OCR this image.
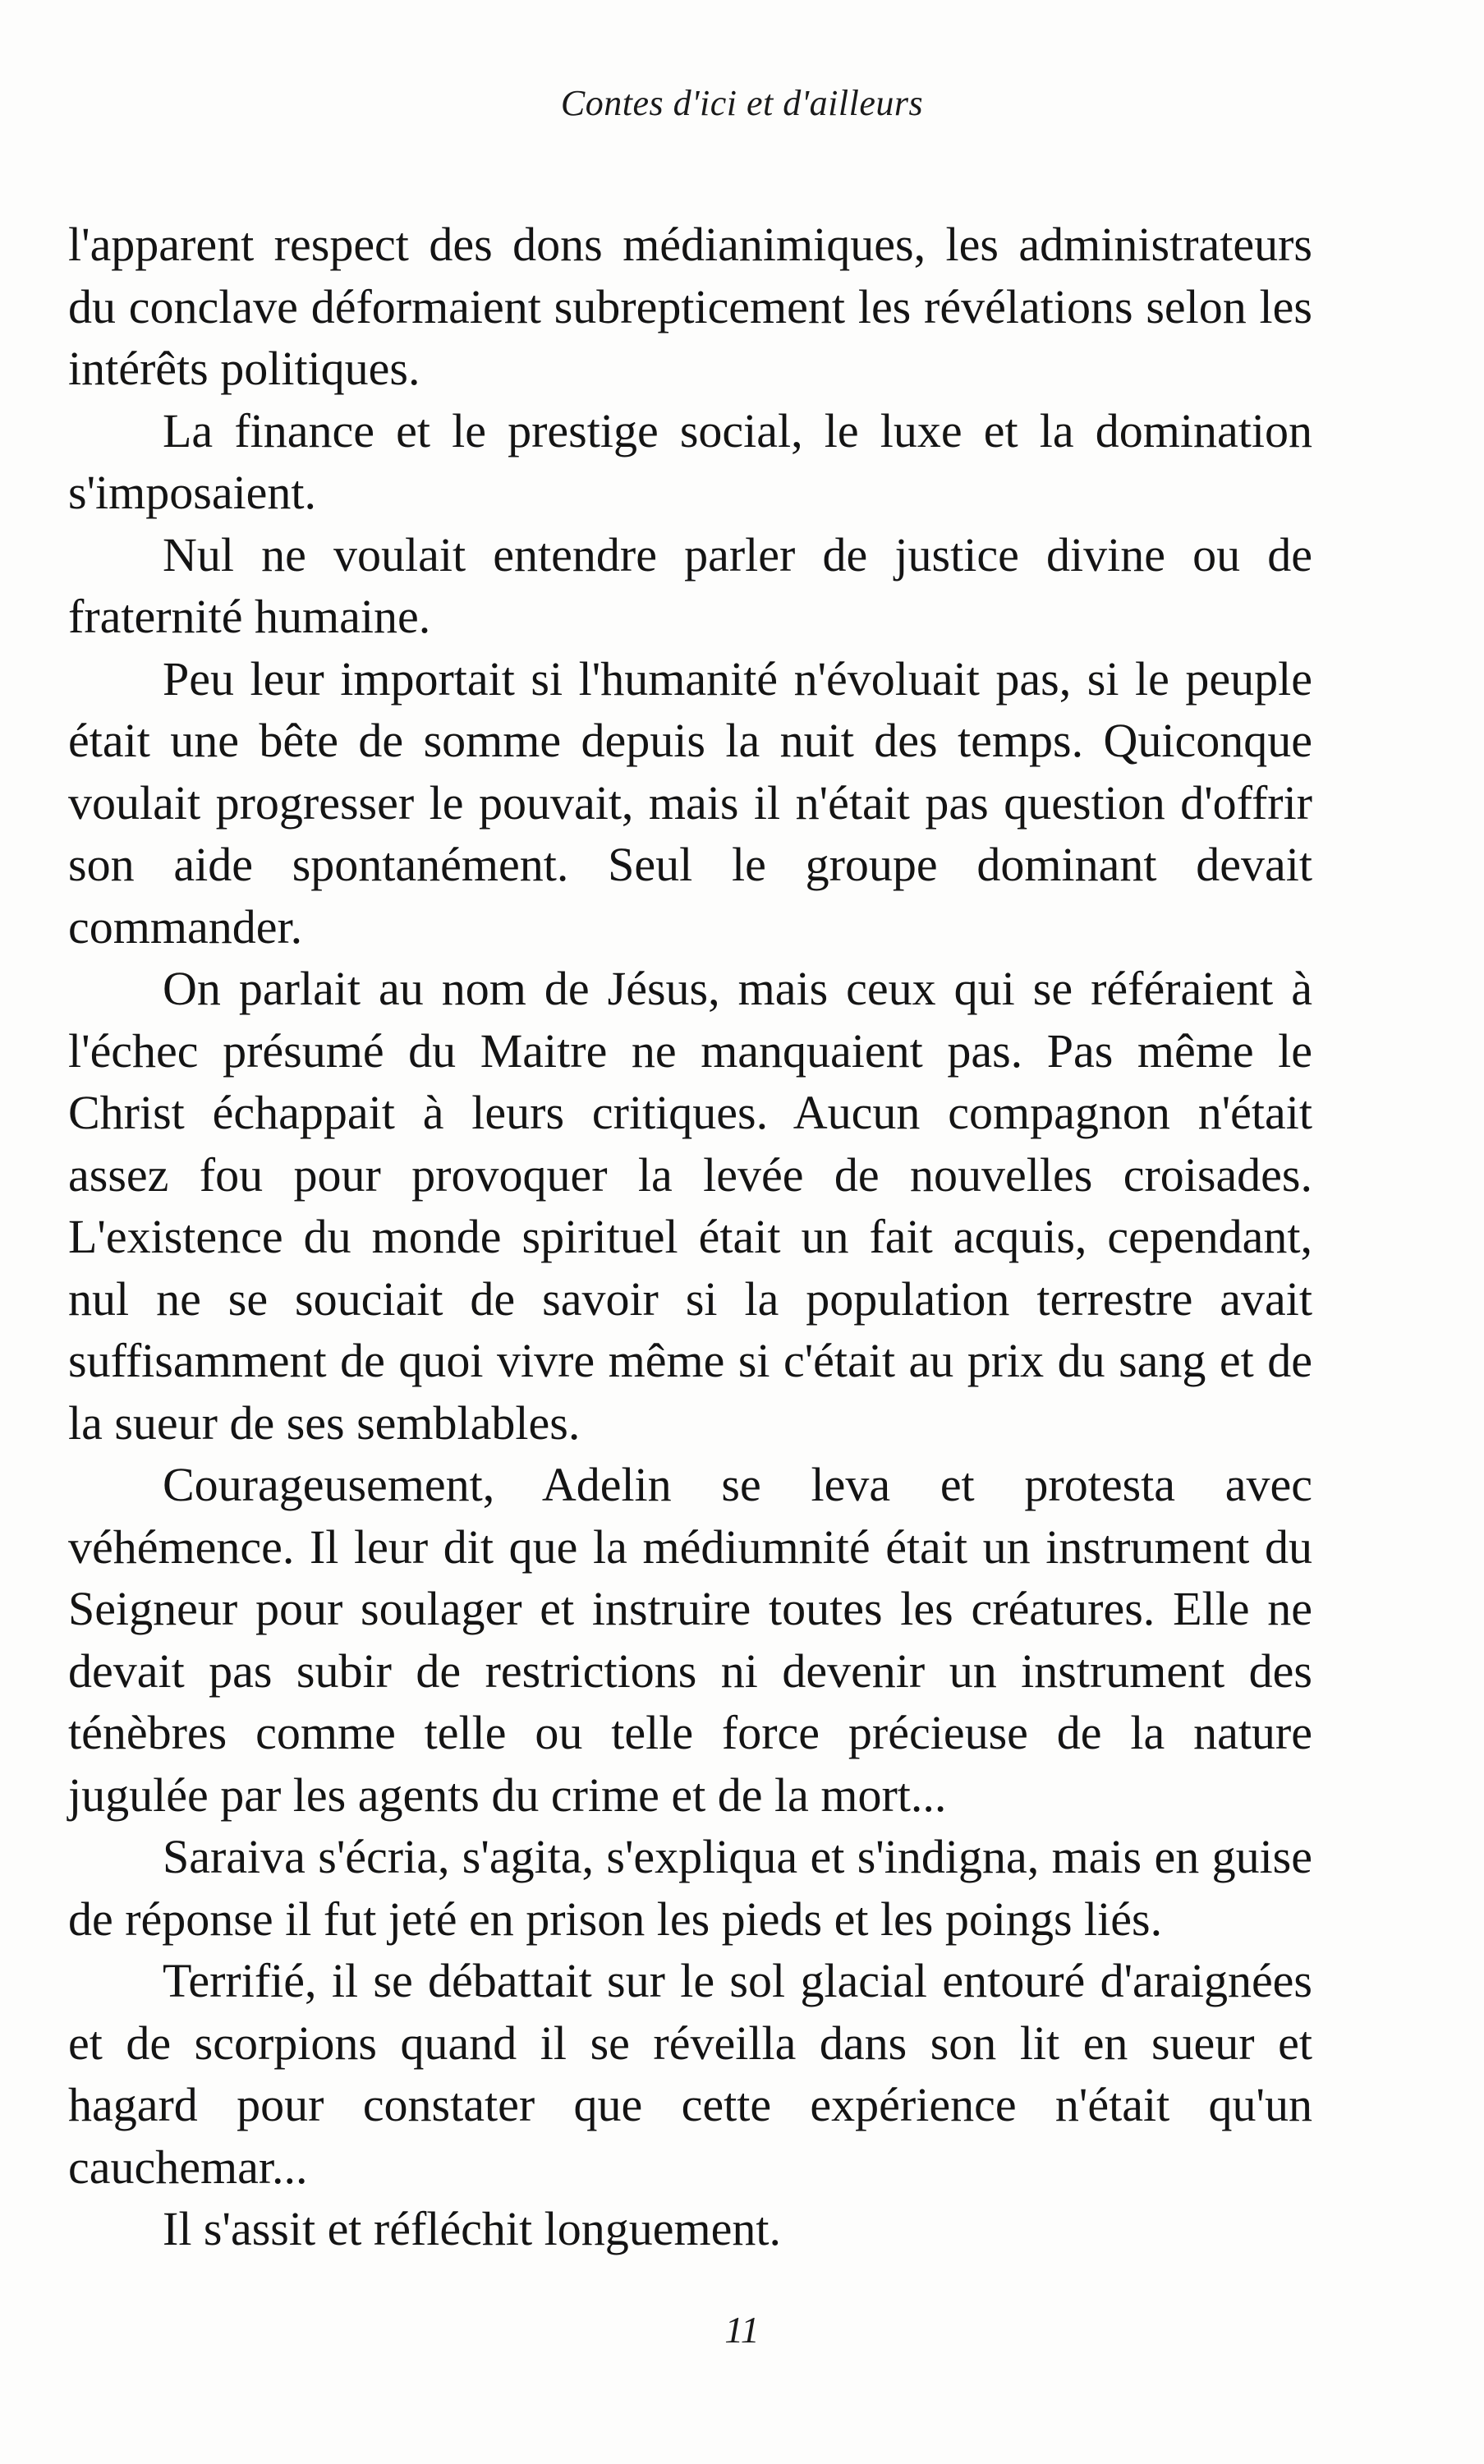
Contes d'ici et d'ailleurs

l'apparent respect des dons médianimiques, les administrateurs du conclave déformaient subrepticement les révélations selon les intérêts politiques.

La finance et le prestige social, le luxe et la domination s'imposaient.

Nul ne voulait entendre parler de justice divine ou de fraternité humaine.

Peu leur importait si l'humanité n'évoluait pas, si le peuple était une bête de somme depuis la nuit des temps. Quiconque voulait progresser le pouvait, mais il n'était pas question d'offrir son aide spontanément. Seul le groupe dominant devait commander.

On parlait au nom de Jésus, mais ceux qui se référaient à l'échec présumé du Maitre ne manquaient pas. Pas même le Christ échappait à leurs critiques. Aucun compagnon n'était assez fou pour provoquer la levée de nouvelles croisades. L'existence du monde spirituel était un fait acquis, cependant, nul ne se souciait de savoir si la population terrestre avait suffisamment de quoi vivre même si c'était au prix du sang et de la sueur de ses semblables.

Courageusement, Adelin se leva et protesta avec véhémence. Il leur dit que la médiumnité était un instrument du Seigneur pour soulager et instruire toutes les créatures. Elle ne devait pas subir de restrictions ni devenir un instrument des ténèbres comme telle ou telle force précieuse de la nature jugulée par les agents du crime et de la mort...

Saraiva s'écria, s'agita, s'expliqua et s'indigna, mais en guise de réponse il fut jeté en prison les pieds et les poings liés.

Terrifié, il se débattait sur le sol glacial entouré d'araignées et de scorpions quand il se réveilla dans son lit en sueur et hagard pour constater que cette expérience n'était qu'un cauchemar...

Il s'assit et réfléchit longuement.

11
